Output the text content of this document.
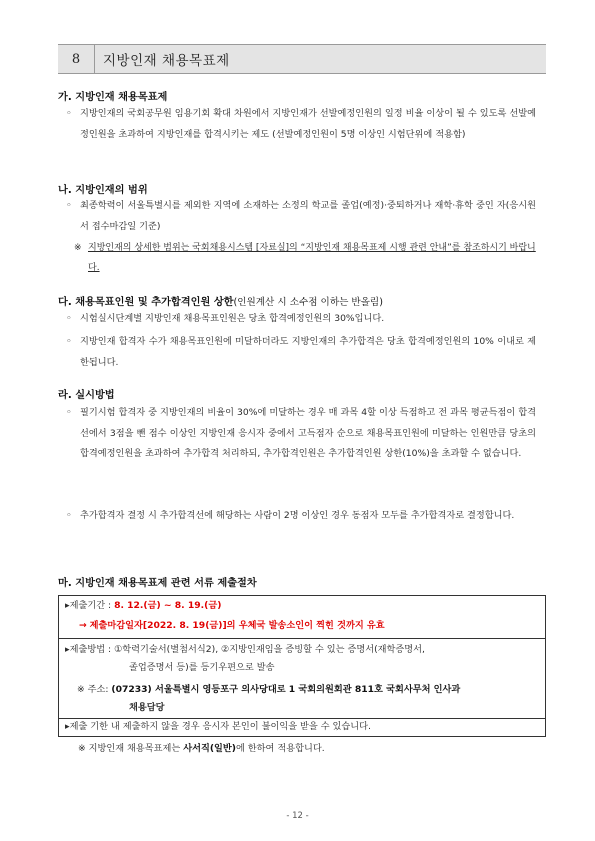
8	지방인재 채용목표제
가. 지방인재 채용목표제
◦ 지방인재의 국회공무원 임용기회 확대 차원에서 지방인재가 선발예정인원의 일정 비율 이상이 될 수 있도록 선발예정인원을 초과하여 지방인재를 합격시키는 제도 (선발예정인원이 5명 이상인 시험단위에 적용함)
나. 지방인재의 범위
◦ 최종학력이 서울특별시를 제외한 지역에 소재하는 소정의 학교를 졸업(예정)·중퇴하거나 재학·휴학 중인 자(응시원서 접수마감일 기준)
※ 지방인재의 상세한 범위는 국회채용시스템 [자료실]의 “지방인재 채용목표제 시행 관련 안내”를 참조하시기 바랍니다.
다. 채용목표인원 및 추가합격인원 상한(인원계산 시 소수점 이하는 반올림)
◦ 시험실시단계별 지방인재 채용목표인원은 당초 합격예정인원의 30%입니다.
◦ 지방인재 합격자 수가 채용목표인원에 미달하더라도 지방인재의 추가합격은 당초 합격예정인원의 10% 이내로 제한됩니다.
라. 실시방법
◦ 필기시험 합격자 중 지방인재의 비율이 30%에 미달하는 경우 매 과목 4할 이상 득점하고 전 과목 평균득점이 합격선에서 3점을 뺀 점수 이상인 지방인재 응시자 중에서 고득점자 순으로 채용목표인원에 미달하는 인원만큼 당초의 합격예정인원을 초과하여 추가합격 처리하되, 추가합격인원은 추가합격인원 상한(10%)을 초과할 수 없습니다.
◦ 추가합격자 결정 시 추가합격선에 해당하는 사람이 2명 이상인 경우 동점자 모두를 추가합격자로 결정합니다.
마. 지방인재 채용목표제 관련 서류 제출절차
▸제출기간 : 8. 12.(금) ~ 8. 19.(금)
→ 제출마감일자[2022. 8. 19(금)]의 우체국 발송소인이 찍힌 것까지 유효
▸제출방법 : ①학력기술서(별첨서식2), ②지방인재임을 증빙할 수 있는 증명서(재학증명서,
졸업증명서 등)를 등기우편으로 발송
※ 주소: (07233) 서울특별시 영등포구 의사당대로 1 국회의원회관 811호 국회사무처 인사과
채용담당
▸제출 기한 내 제출하지 않을 경우 응시자 본인이 불이익을 받을 수 있습니다.
※ 지방인재 채용목표제는 사서직(일반)에 한하여 적용합니다.
- 12 -
